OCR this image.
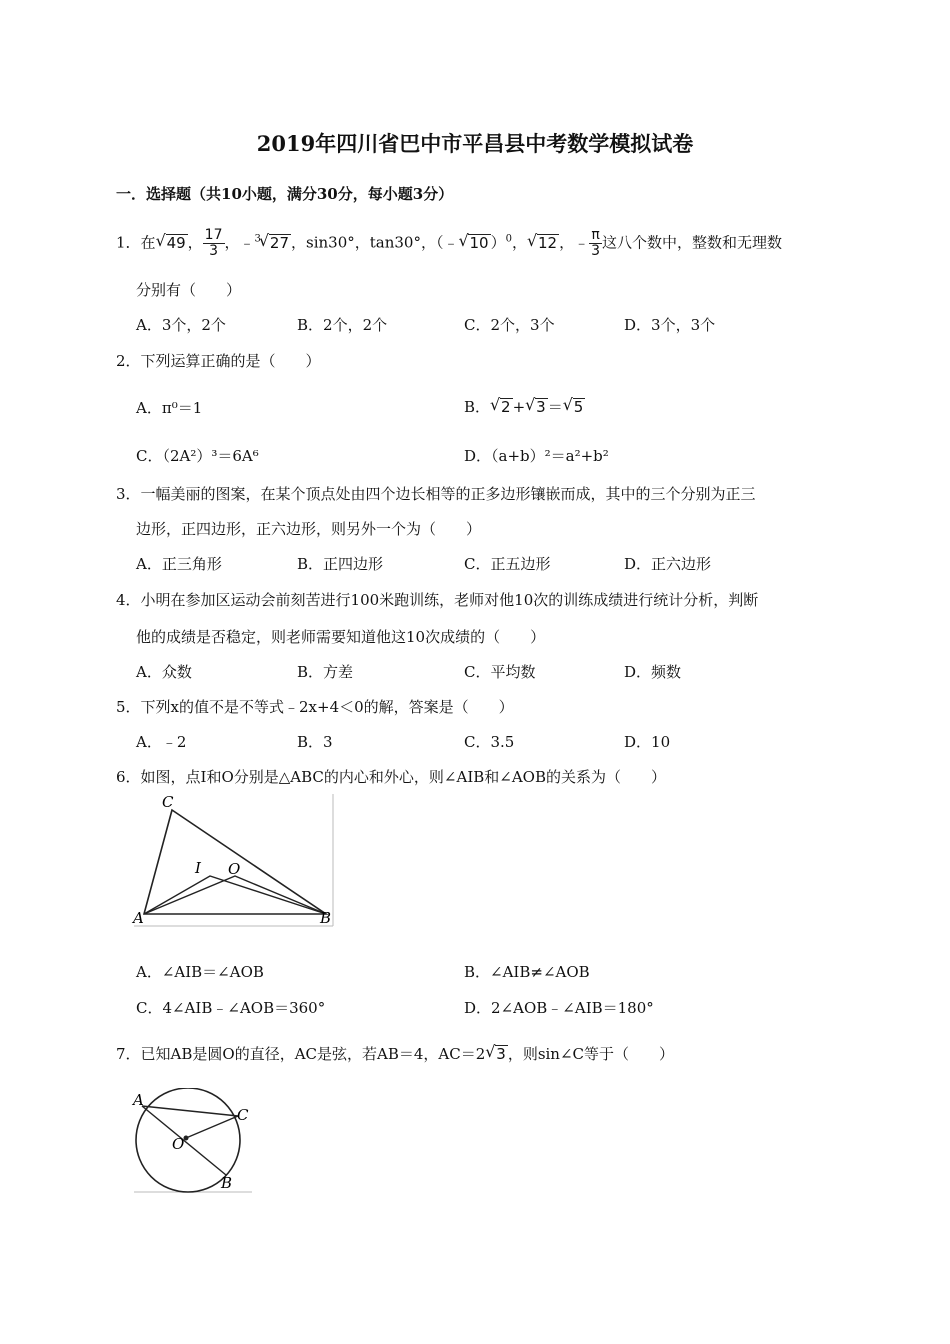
2019年四川省巴中市平昌县中考数学模拟试卷
一．选择题（共10小题，满分30分，每小题3分）
1．在 √ 49 ， $\frac{17}{3}$ ，﹣$^3$ √ 27 ，sin30°，tan30°，（﹣ √ 10 ）$^0$， √ 12 ，﹣ $\frac{\pi}{3}$ 这八个数中，整数和无理数
分别有（　　）
A．3个，2个	B．2个，2个	C．2个，3个	D．3个，3个
2．下列运算正确的是（　　）
A．π⁰＝1	B． √ 2 + √ 3 ＝ √ 5
C．（2A²）³＝6A⁶	D．（a+b）²＝a²+b²
3．一幅美丽的图案，在某个顶点处由四个边长相等的正多边形镶嵌而成，其中的三个分别为正三
边形，正四边形，正六边形，则另外一个为（　　）
A．正三角形	B．正四边形	C．正五边形	D．正六边形
4．小明在参加区运动会前刻苦进行100米跑训练，老师对他10次的训练成绩进行统计分析，判断
他的成绩是否稳定，则老师需要知道他这10次成绩的（　　）
A．众数	B．方差	C．平均数	D．频数
5．下列x的值不是不等式﹣2x+4＜0的解，答案是（　　）
A．﹣2	B．3	C．3.5	D．10
6．如图，点I和O分别是△ABC的内心和外心，则∠AIB和∠AOB的关系为（　　）
C
I O
A	B
A．∠AIB＝∠AOB	B．∠AIB≠∠AOB
C．4∠AIB﹣∠AOB＝360°	D．2∠AOB﹣∠AIB＝180°
7．已知AB是圆O的直径，AC是弦，若AB＝4，AC＝2 √ 3 ，则sin∠C等于（　　）
A
C
O
B
